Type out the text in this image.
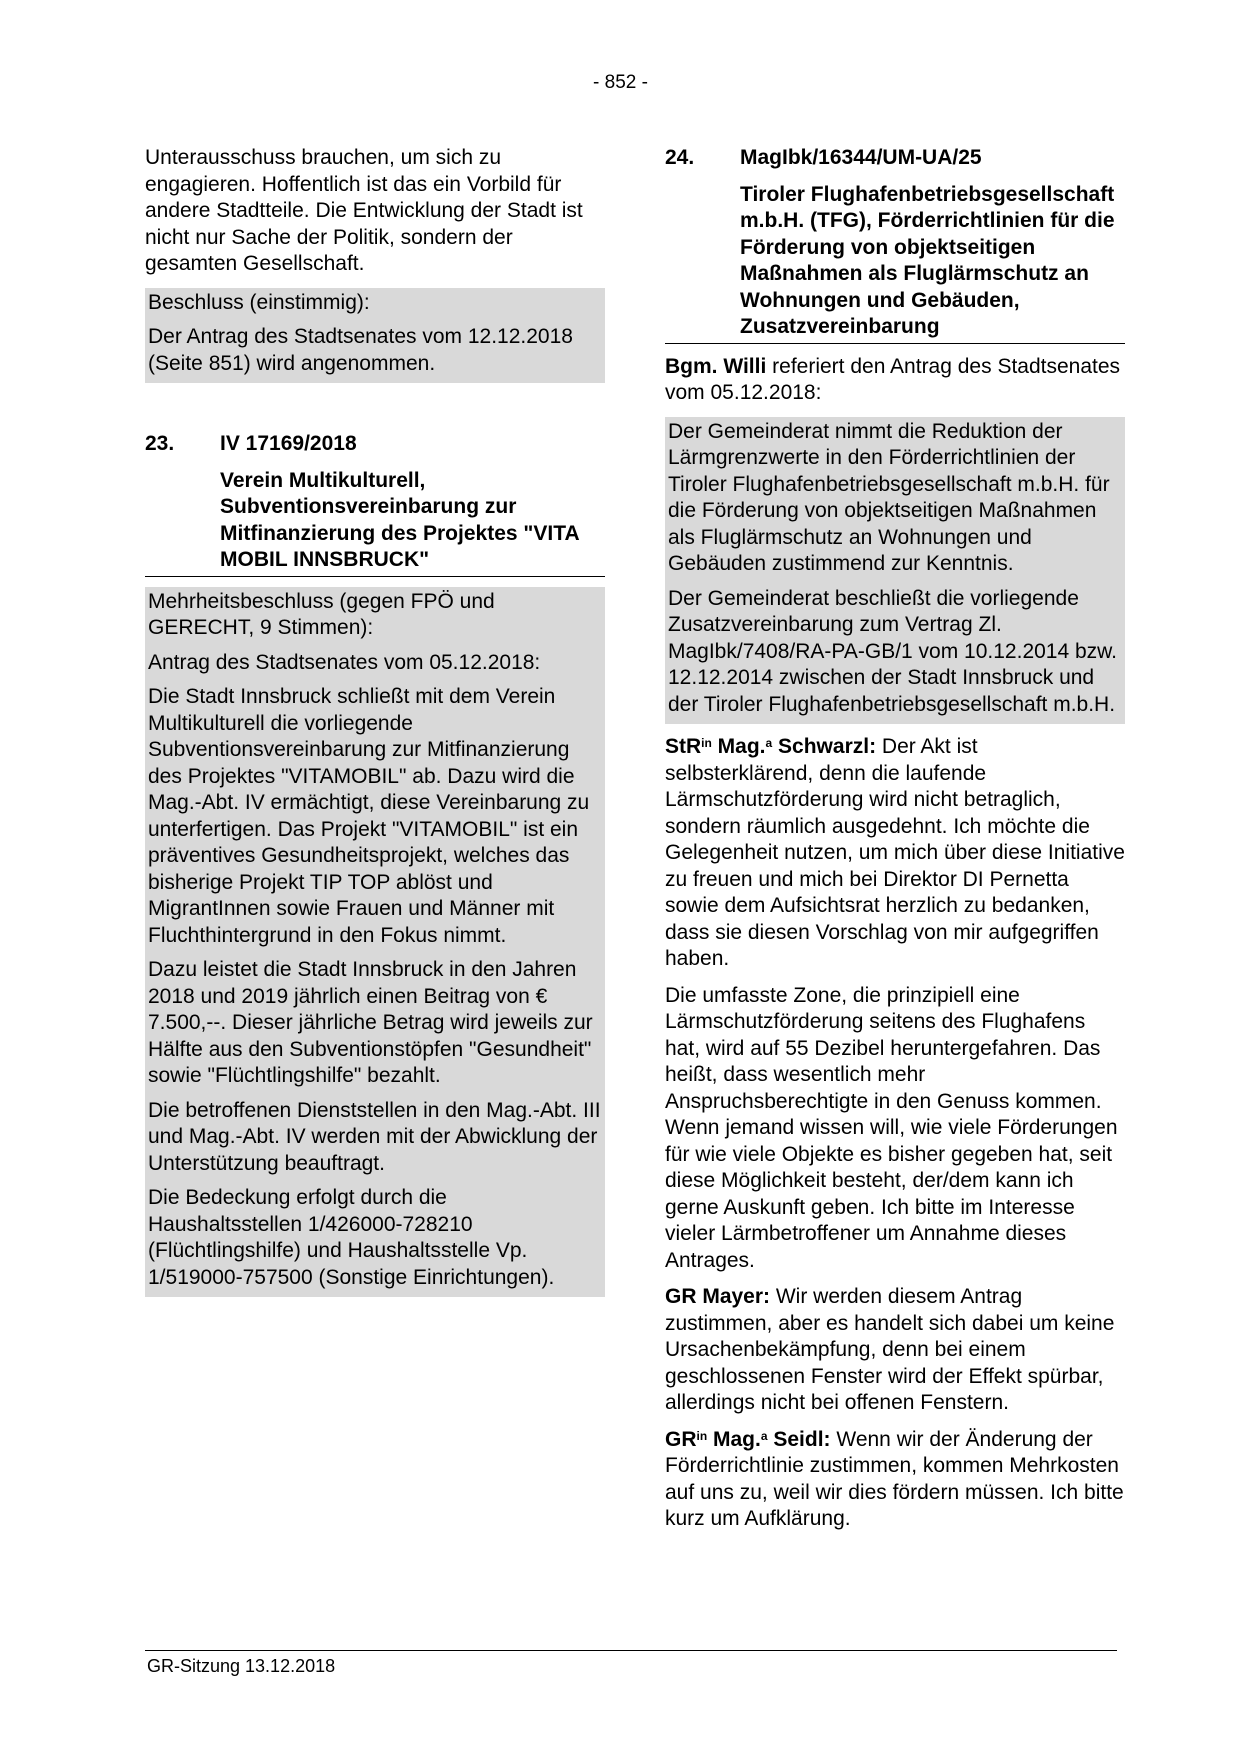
- 852 -

Unterausschuss brauchen, um sich zu engagieren. Hoffentlich ist das ein Vorbild für andere Stadtteile. Die Entwicklung der Stadt ist nicht nur Sache der Politik, sondern der gesamten Gesellschaft.

Beschluss (einstimmig):

Der Antrag des Stadtsenates vom 12.12.2018 (Seite 851) wird angenommen.

23.	IV 17169/2018
Verein Multikulturell, Subventionsvereinbarung zur Mitfinanzierung des Projektes "VITA MOBIL INNSBRUCK"

Mehrheitsbeschluss (gegen FPÖ und GERECHT, 9 Stimmen):

Antrag des Stadtsenates vom 05.12.2018:

Die Stadt Innsbruck schließt mit dem Verein Multikulturell die vorliegende Subventionsvereinbarung zur Mitfinanzierung des Projektes "VITAMOBIL" ab. Dazu wird die Mag.-Abt. IV ermächtigt, diese Vereinbarung zu unterfertigen. Das Projekt "VITAMOBIL" ist ein präventives Gesundheitsprojekt, welches das bisherige Projekt TIP TOP ablöst und MigrantInnen sowie Frauen und Männer mit Fluchthintergrund in den Fokus nimmt.

Dazu leistet die Stadt Innsbruck in den Jahren 2018 und 2019 jährlich einen Beitrag von € 7.500,--. Dieser jährliche Betrag wird jeweils zur Hälfte aus den Subventionstöpfen "Gesundheit" sowie "Flüchtlingshilfe" bezahlt.

Die betroffenen Dienststellen in den Mag.-Abt. III und Mag.-Abt. IV werden mit der Abwicklung der Unterstützung beauftragt.

Die Bedeckung erfolgt durch die Haushaltsstellen 1/426000-728210 (Flüchtlingshilfe) und Haushaltsstelle Vp. 1/519000-757500 (Sonstige Einrichtungen).

24.	MagIbk/16344/UM-UA/25
Tiroler Flughafenbetriebsgesellschaft m.b.H. (TFG), Förderrichtlinien für die Förderung von objektseitigen Maßnahmen als Fluglärmschutz an Wohnungen und Gebäuden, Zusatzvereinbarung

Bgm. Willi referiert den Antrag des Stadtsenates vom 05.12.2018:

Der Gemeinderat nimmt die Reduktion der Lärmgrenzwerte in den Förderrichtlinien der Tiroler Flughafenbetriebsgesellschaft m.b.H. für die Förderung von objektseitigen Maßnahmen als Fluglärmschutz an Wohnungen und Gebäuden zustimmend zur Kenntnis.

Der Gemeinderat beschließt die vorliegende Zusatzvereinbarung zum Vertrag Zl. MagIbk/7408/RA-PA-GB/1 vom 10.12.2014 bzw. 12.12.2014 zwischen der Stadt Innsbruck und der Tiroler Flughafenbetriebsgesellschaft m.b.H.

StR$^{in}$ Mag.$^a$ Schwarzl: Der Akt ist selbsterklärend, denn die laufende Lärmschutzförderung wird nicht betraglich, sondern räumlich ausgedehnt. Ich möchte die Gelegenheit nutzen, um mich über diese Initiative zu freuen und mich bei Direktor DI Pernetta sowie dem Aufsichtsrat herzlich zu bedanken, dass sie diesen Vorschlag von mir aufgegriffen haben.

Die umfasste Zone, die prinzipiell eine Lärmschutzförderung seitens des Flughafens hat, wird auf 55 Dezibel heruntergefahren. Das heißt, dass wesentlich mehr Anspruchsberechtigte in den Genuss kommen. Wenn jemand wissen will, wie viele Förderungen für wie viele Objekte es bisher gegeben hat, seit diese Möglichkeit besteht, der/dem kann ich gerne Auskunft geben. Ich bitte im Interesse vieler Lärmbetroffener um Annahme dieses Antrages.

GR Mayer: Wir werden diesem Antrag zustimmen, aber es handelt sich dabei um keine Ursachenbekämpfung, denn bei einem geschlossenen Fenster wird der Effekt spürbar, allerdings nicht bei offenen Fenstern.

$GR^{in}$ Mag.$^a$ Seidl: Wenn wir der Änderung der Förderrichtlinie zustimmen, kommen Mehrkosten auf uns zu, weil wir dies fördern müssen. Ich bitte kurz um Aufklärung.

GR-Sitzung 13.12.2018
